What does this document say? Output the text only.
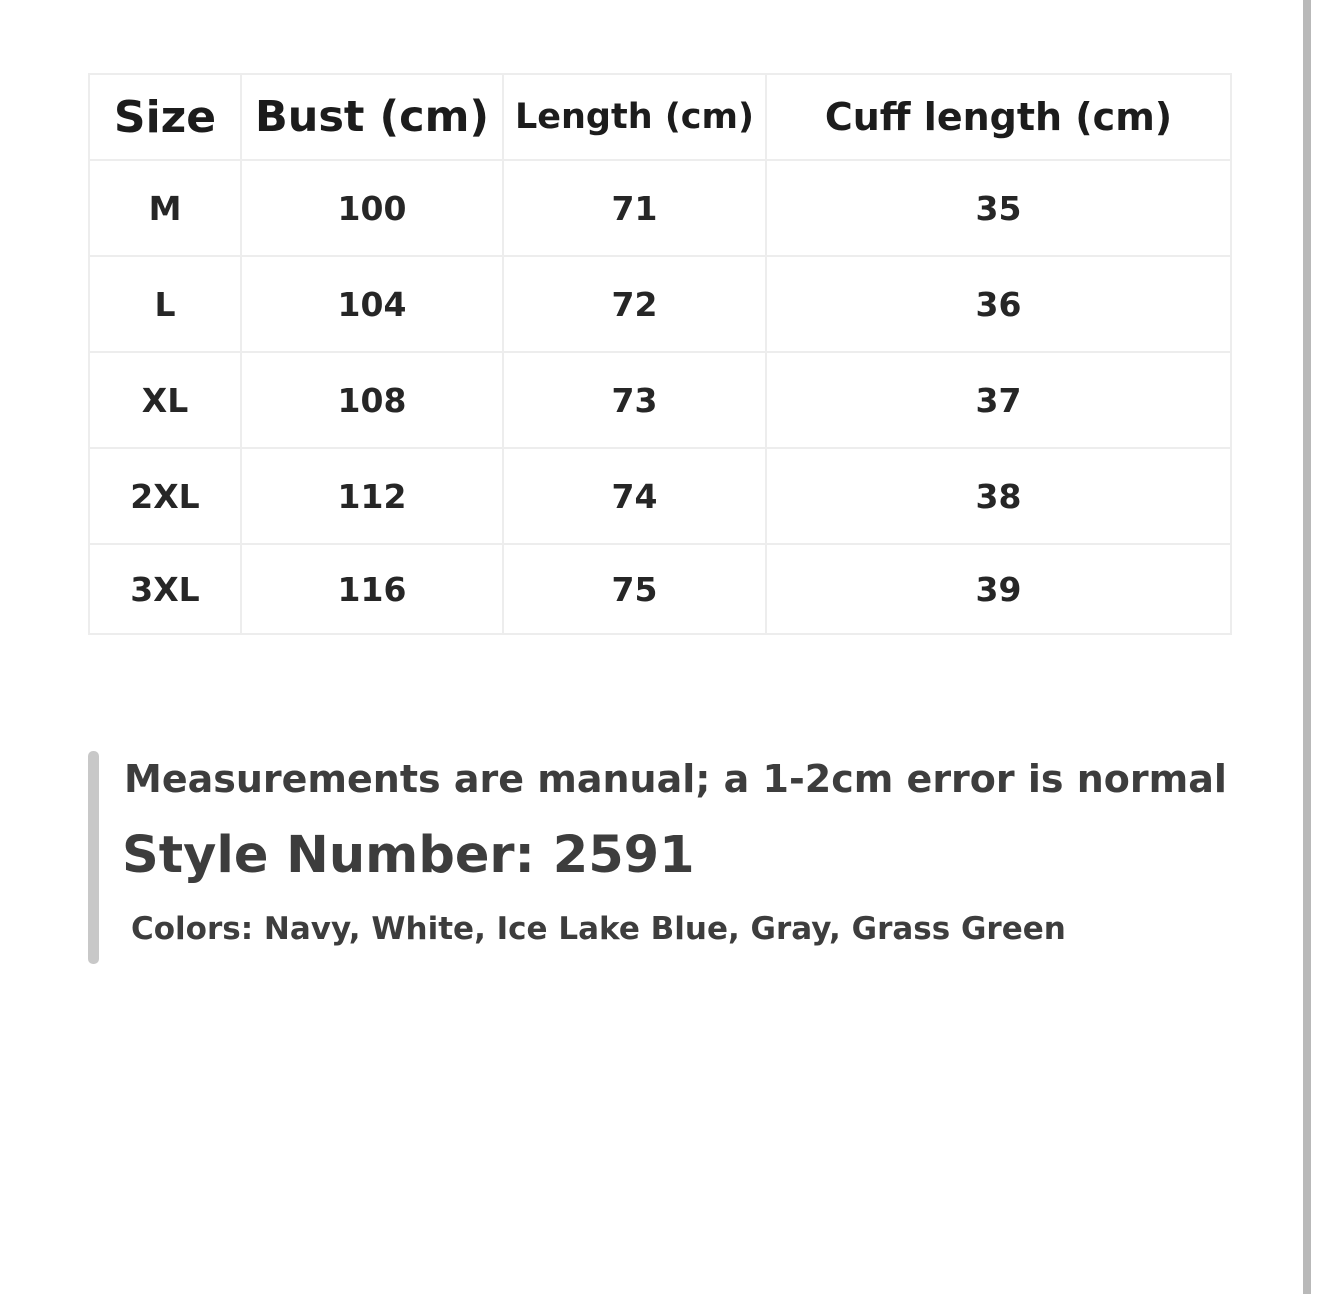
Size	Bust (cm)	Length (cm)	Cuff length (cm)
M	100	71	35
L	104	72	36
XL	108	73	37
2XL	112	74	38
3XL	116	75	39

Measurements are manual; a 1-2cm error is normal

Style Number: 2591

Colors: Navy, White, Ice Lake Blue, Gray, Grass Green
